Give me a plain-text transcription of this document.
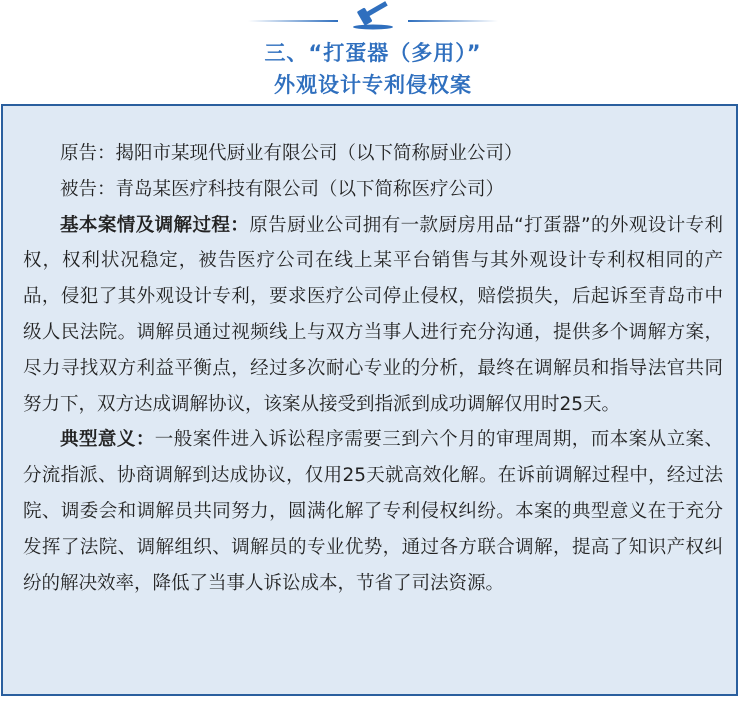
三、“打蛋器（多用）”
外观设计专利侵权案

原告：揭阳市某现代厨业有限公司（以下简称厨业公司）

被告：青岛某医疗科技有限公司（以下简称医疗公司）

基本案情及调解过程：原告厨业公司拥有一款厨房用品“打蛋器”的外观设计专利权，权利状况稳定，被告医疗公司在线上某平台销售与其外观设计专利权相同的产品，侵犯了其外观设计专利，要求医疗公司停止侵权，赔偿损失，后起诉至青岛市中级人民法院。调解员通过视频线上与双方当事人进行充分沟通，提供多个调解方案，尽力寻找双方利益平衡点，经过多次耐心专业的分析，最终在调解员和指导法官共同努力下，双方达成调解协议，该案从接受到指派到成功调解仅用时25天。

典型意义：一般案件进入诉讼程序需要三到六个月的审理周期，而本案从立案、分流指派、协商调解到达成协议，仅用25天就高效化解。在诉前调解过程中，经过法院、调委会和调解员共同努力，圆满化解了专利侵权纠纷。本案的典型意义在于充分发挥了法院、调解组织、调解员的专业优势，通过各方联合调解，提高了知识产权纠纷的解决效率，降低了当事人诉讼成本，节省了司法资源。
